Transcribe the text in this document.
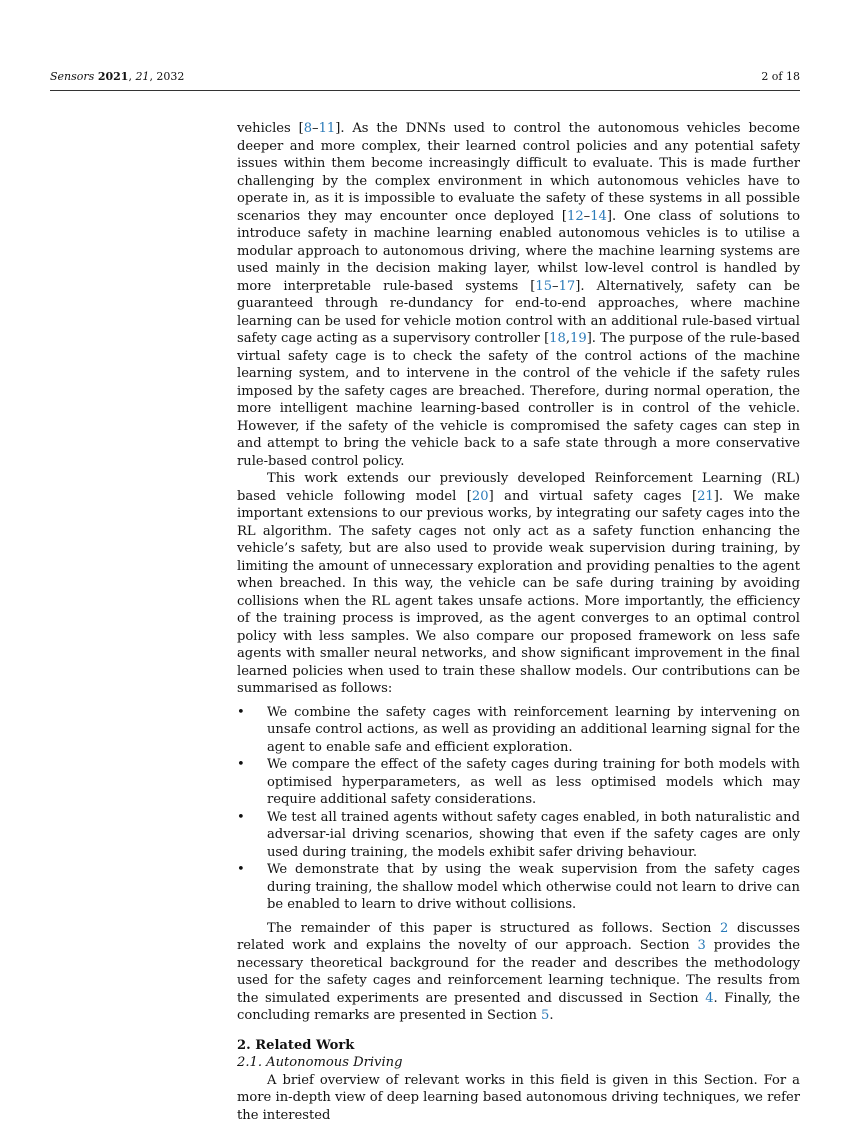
Sensors 2021, 21, 2032	2 of 18

vehicles [8–11]. As the DNNs used to control the autonomous vehicles become deeper and more complex, their learned control policies and any potential safety issues within them become increasingly difficult to evaluate. This is made further challenging by the complex environment in which autonomous vehicles have to operate in, as it is impossible to evaluate the safety of these systems in all possible scenarios they may encounter once deployed [12–14]. One class of solutions to introduce safety in machine learning enabled autonomous vehicles is to utilise a modular approach to autonomous driving, where the machine learning systems are used mainly in the decision making layer, whilst low-level control is handled by more interpretable rule-based systems [15–17]. Alternatively, safety can be guaranteed through re-dundancy for end-to-end approaches, where machine learning can be used for vehicle motion control with an additional rule-based virtual safety cage acting as a supervisory controller [18,19]. The purpose of the rule-based virtual safety cage is to check the safety of the control actions of the machine learning system, and to intervene in the control of the vehicle if the safety rules imposed by the safety cages are breached. Therefore, during normal operation, the more intelligent machine learning-based controller is in control of the vehicle. However, if the safety of the vehicle is compromised the safety cages can step in and attempt to bring the vehicle back to a safe state through a more conservative rule-based control policy.

This work extends our previously developed Reinforcement Learning (RL) based vehicle following model [20] and virtual safety cages [21]. We make important extensions to our previous works, by integrating our safety cages into the RL algorithm. The safety cages not only act as a safety function enhancing the vehicle’s safety, but are also used to provide weak supervision during training, by limiting the amount of unnecessary exploration and providing penalties to the agent when breached. In this way, the vehicle can be safe during training by avoiding collisions when the RL agent takes unsafe actions. More importantly, the efficiency of the training process is improved, as the agent converges to an optimal control policy with less samples. We also compare our proposed framework on less safe agents with smaller neural networks, and show significant improvement in the final learned policies when used to train these shallow models. Our contributions can be summarised as follows:

• We combine the safety cages with reinforcement learning by intervening on unsafe control actions, as well as providing an additional learning signal for the agent to enable safe and efficient exploration.
• We compare the effect of the safety cages during training for both models with optimised hyperparameters, as well as less optimised models which may require additional safety considerations.
• We test all trained agents without safety cages enabled, in both naturalistic and adversar-ial driving scenarios, showing that even if the safety cages are only used during training, the models exhibit safer driving behaviour.
• We demonstrate that by using the weak supervision from the safety cages during training, the shallow model which otherwise could not learn to drive can be enabled to learn to drive without collisions.

The remainder of this paper is structured as follows. Section 2 discusses related work and explains the novelty of our approach. Section 3 provides the necessary theoretical background for the reader and describes the methodology used for the safety cages and reinforcement learning technique. The results from the simulated experiments are presented and discussed in Section 4. Finally, the concluding remarks are presented in Section 5.

2. Related Work
2.1. Autonomous Driving

A brief overview of relevant works in this field is given in this Section. For a more in-depth view of deep learning based autonomous driving techniques, we refer the interested
